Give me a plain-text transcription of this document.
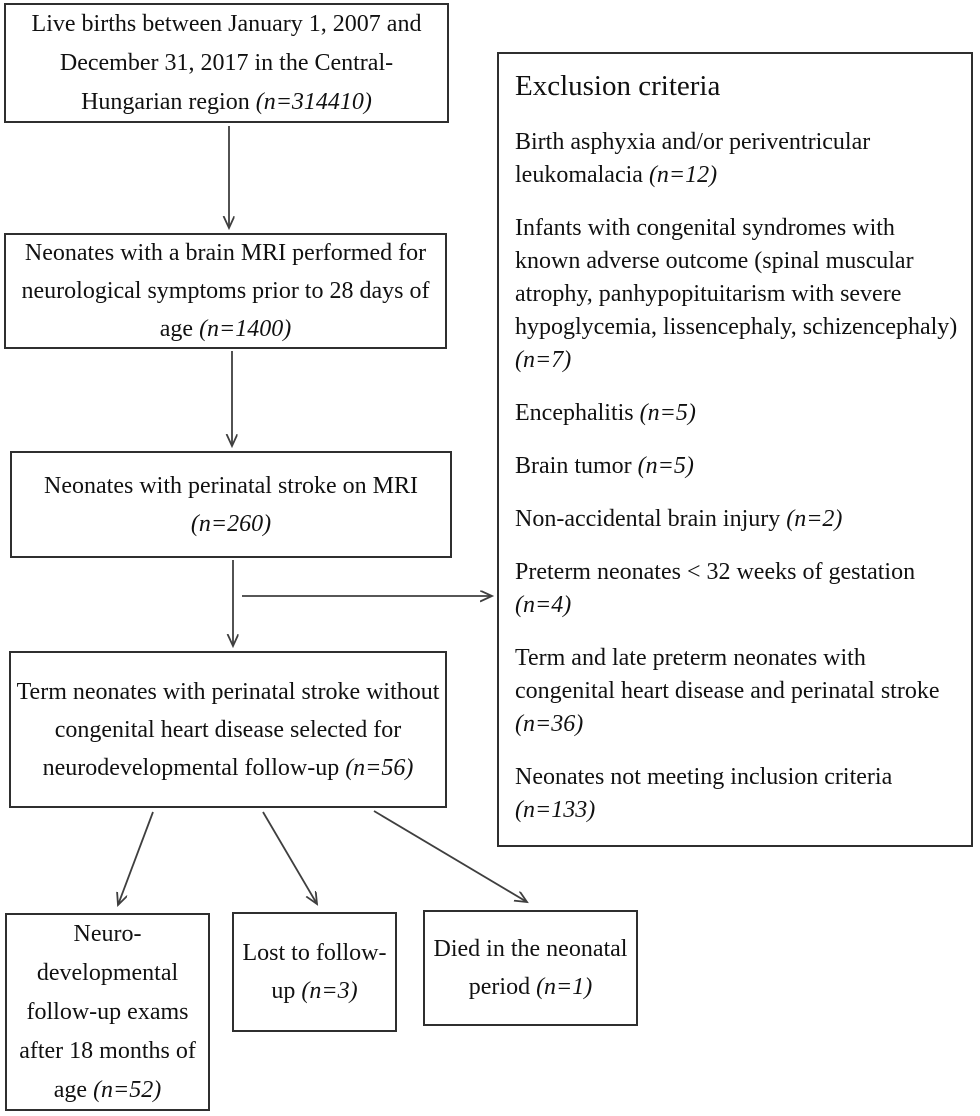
Live births between January 1, 2007 and December 31, 2017 in the Central-Hungarian region (n=314410)
Neonates with a brain MRI performed for neurological symptoms prior to 28 days of age (n=1400)
Neonates with perinatal stroke on MRI (n=260)
Term neonates with perinatal stroke without congenital heart disease selected for neurodevelopmental follow-up (n=56)
Neuro-developmental follow-up exams after 18 months of age (n=52)
Lost to follow-up (n=3)
Died in the neonatal period (n=1)
Exclusion criteria
Birth asphyxia and/or periventricular leukomalacia (n=12)
Infants with congenital syndromes with known adverse outcome (spinal muscular atrophy, panhypopituitarism with severe hypoglycemia, lissencephaly, schizencephaly) (n=7)
Encephalitis (n=5)
Brain tumor (n=5)
Non-accidental brain injury (n=2)
Preterm neonates < 32 weeks of gestation (n=4)
Term and late preterm neonates with congenital heart disease and perinatal stroke (n=36)
Neonates not meeting inclusion criteria (n=133)
